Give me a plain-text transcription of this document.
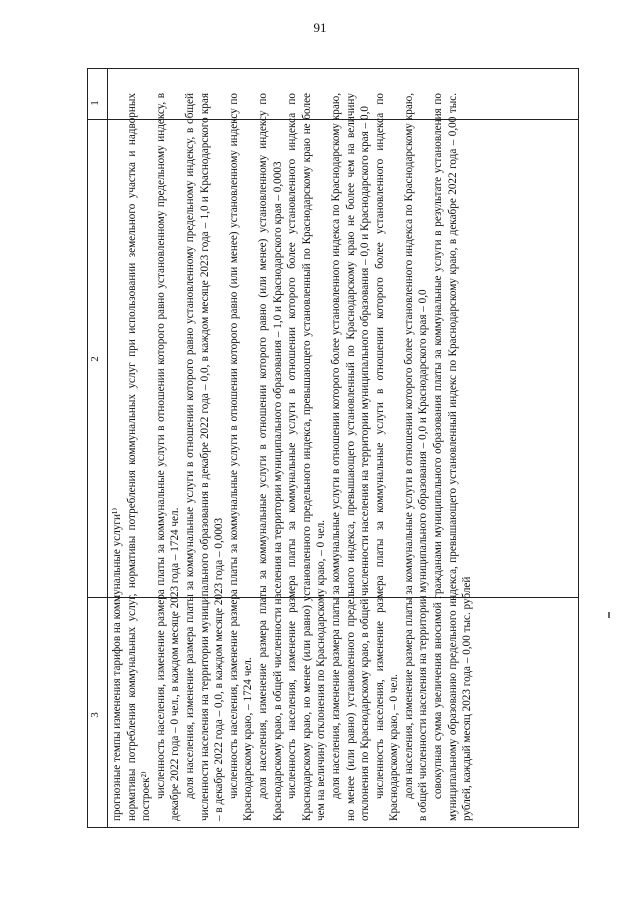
91
1
2
3 прогнозные темпы изменения тарифов на коммунальные услуги¹⁾ нормативы потребления коммунальных услуг, нормативы потребления коммунальных услуг при использовании земельного участка и надворных построек²⁾ численность населения, изменение размера платы за коммунальные услуги в отношении которого равно установленному предельному индексу, в декабре 2022 года – 0 чел., в каждом месяце 2023 года – 1724 чел. доля населения, изменение размера платы за коммунальные услуги в отношении которого равно установленному предельному индексу, в общей численности населения на территории муниципального образования в декабре 2022 года – 0,0, в каждом месяце 2023 года – 1,0 и Краснодарского края – в декабре 2022 года – 0,0, в каждом месяце 2023 года – 0,0003 численность населения, изменение размера платы за коммунальные услуги в отношении которого равно (или менее) установленному индексу по Краснодарскому краю, – 1724 чел. доля населения, изменение размера платы за коммунальные услуги в отношении которого равно (или менее) установленному индексу по Краснодарскому краю, в общей численности населения на территории муниципального образования – 1,0 и Краснодарского края – 0,0003 численность населения, изменение размера платы за коммунальные услуги в отношении которого более установленного индекса по Краснодарскому краю, но менее (или равно) установленного предельного индекса, превышающего установленный по Краснодарскому краю не более чем на величину отклонения по Краснодарскому краю, – 0 чел. доля населения, изменение размера платы за коммунальные услуги в отношении которого более установленного индекса по Краснодарскому краю, но менее (или равно) установленного предельного индекса, превышающего установленный по Краснодарскому краю не более чем на величину отклонения по Краснодарскому краю, в общей численности населения на территории муниципального образования – 0,0 и Краснодарского края – 0,0 численность населения, изменение размера платы за коммунальные услуги в отношении которого более установленного индекса по Краснодарскому краю, – 0 чел. доля населения, изменение размера платы за коммунальные услуги в отношении которого более установленного индекса по Краснодарскому краю, в общей численности населения на территории муниципального образования – 0,0 и Краснодарского края – 0,0 совокупная сумма увеличения вносимой гражданами муниципального образования платы за коммунальные услуги в результате установления по муниципальному образованию предельного индекса, превышающего установленный индекс по Краснодарскому краю, в декабре 2022 года – 0,00 тыс. рублей, каждый месяц 2023 года – 0,00 тыс. рублей
